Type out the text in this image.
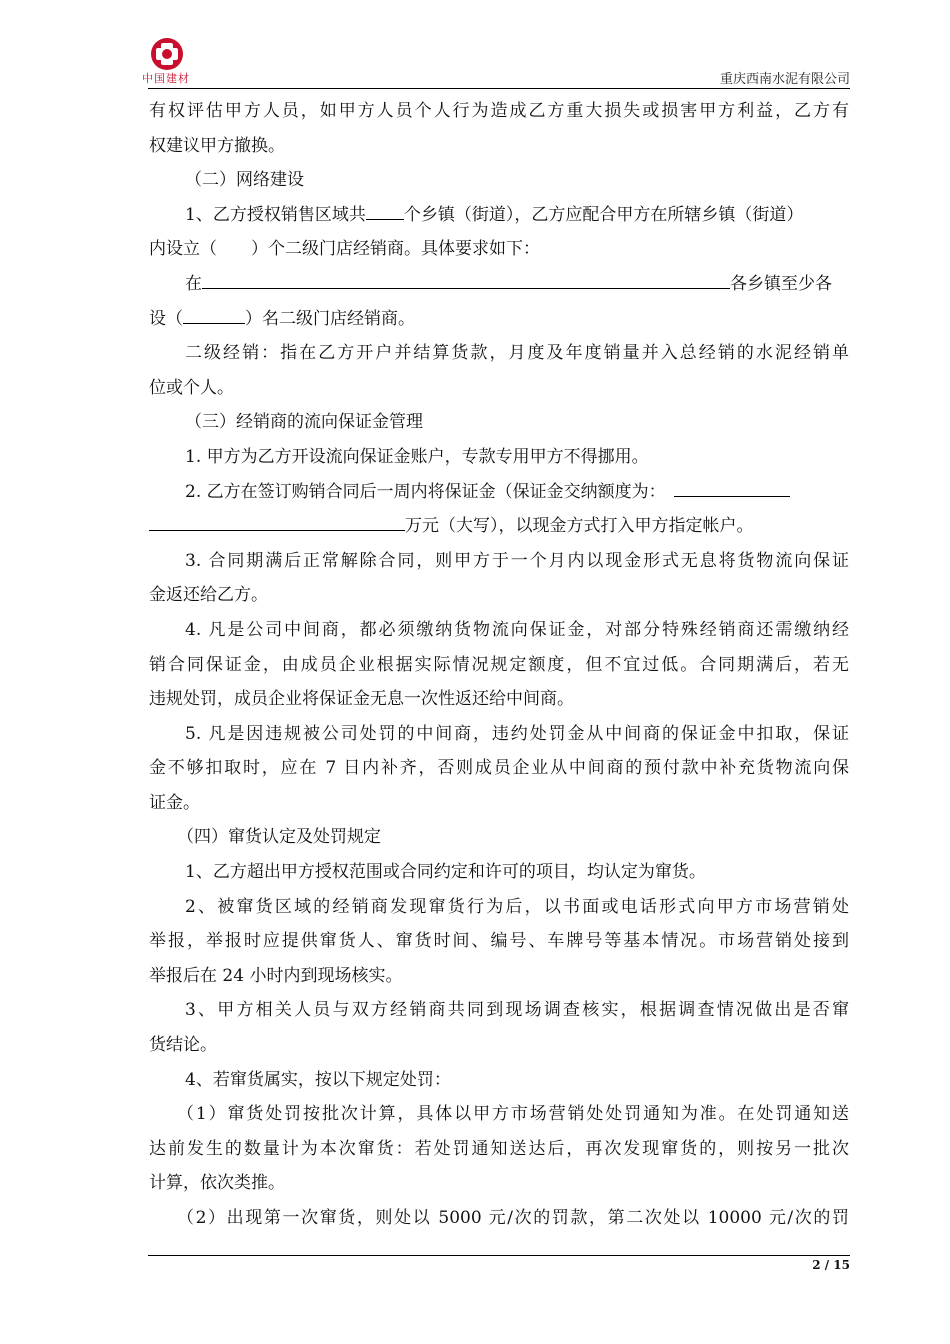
中国建材	重庆西南水泥有限公司
有权评估甲方人员，如甲方人员个人行为造成乙方重大损失或损害甲方利益，乙方有
权建议甲方撤换。
（二）网络建设
1、乙方授权销售区域共 个乡镇（街道），乙方应配合甲方在所辖乡镇（街道）
内设立（　　）个二级门店经销商。具体要求如下：
在	各乡镇至少各
设（	）名二级门店经销商。
二级经销：指在乙方开户并结算货款，月度及年度销量并入总经销的水泥经销单
位或个人。
（三）经销商的流向保证金管理
1. 甲方为乙方开设流向保证金账户，专款专用甲方不得挪用。
2. 乙方在签订购销合同后一周内将保证金（保证金交纳额度为：
万元（大写），以现金方式打入甲方指定帐户。
3. 合同期满后正常解除合同，则甲方于一个月内以现金形式无息将货物流向保证
金返还给乙方。
4. 凡是公司中间商，都必须缴纳货物流向保证金，对部分特殊经销商还需缴纳经
销合同保证金，由成员企业根据实际情况规定额度，但不宜过低。合同期满后，若无
违规处罚，成员企业将保证金无息一次性返还给中间商。
5. 凡是因违规被公司处罚的中间商，违约处罚金从中间商的保证金中扣取，保证
金不够扣取时，应在 7 日内补齐，否则成员企业从中间商的预付款中补充货物流向保
证金。
（四）窜货认定及处罚规定
1、乙方超出甲方授权范围或合同约定和许可的项目，均认定为窜货。
2、被窜货区域的经销商发现窜货行为后，以书面或电话形式向甲方市场营销处
举报，举报时应提供窜货人、窜货时间、编号、车牌号等基本情况。市场营销处接到
举报后在 24 小时内到现场核实。
3、甲方相关人员与双方经销商共同到现场调查核实，根据调查情况做出是否窜
货结论。
4、若窜货属实，按以下规定处罚：
（1）窜货处罚按批次计算，具体以甲方市场营销处处罚通知为准。在处罚通知送
达前发生的数量计为本次窜货：若处罚通知送达后，再次发现窜货的，则按另一批次
计算，依次类推。
（2）出现第一次窜货，则处以 5000 元/次的罚款，第二次处以 10000 元/次的罚
2 / 15
